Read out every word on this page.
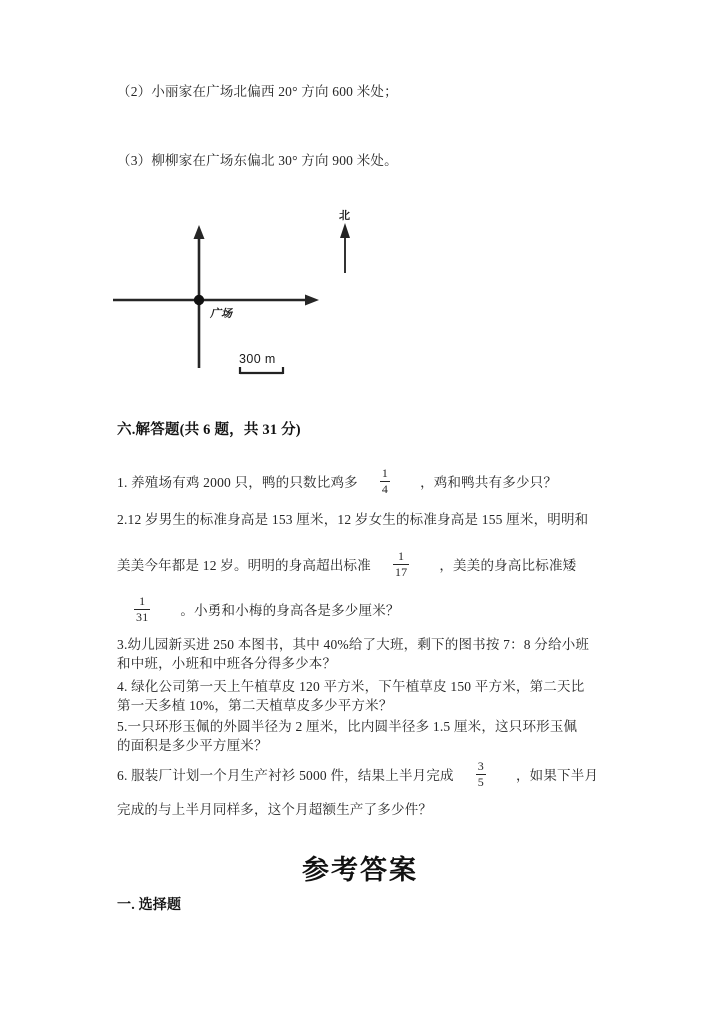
（2）小丽家在广场北偏西 20° 方向 600 米处；
（3）柳柳家在广场东偏北 30° 方向 900 米处。
广场
北
300 m
六.解答题(共 6 题，共 31 分)
1. 养殖场有鸡 2000 只，鸭的只数比鸡多 $\frac{1}{4}$ ，鸡和鸭共有多少只？
2.12 岁男生的标准身高是 153 厘米，12 岁女生的标准身高是 155 厘米，明明和
美美今年都是 12 岁。明明的身高超出标准 $\frac{1}{17}$ ，美美的身高比标准矮
$\frac{1}{31}$ 。小勇和小梅的身高各是多少厘米？
3.幼儿园新买进 250 本图书，其中 40%给了大班，剩下的图书按 7：8 分给小班
和中班，小班和中班各分得多少本？
4. 绿化公司第一天上午植草皮 120 平方米，下午植草皮 150 平方米，第二天比
第一天多植 10%，第二天植草皮多少平方米？
5.一只环形玉佩的外圆半径为 2 厘米，比内圆半径多 1.5 厘米，这只环形玉佩
的面积是多少平方厘米？
6. 服装厂计划一个月生产衬衫 5000 件，结果上半月完成 $\frac{3}{5}$ ，如果下半月
完成的与上半月同样多，这个月超额生产了多少件？
参考答案
一. 选择题
